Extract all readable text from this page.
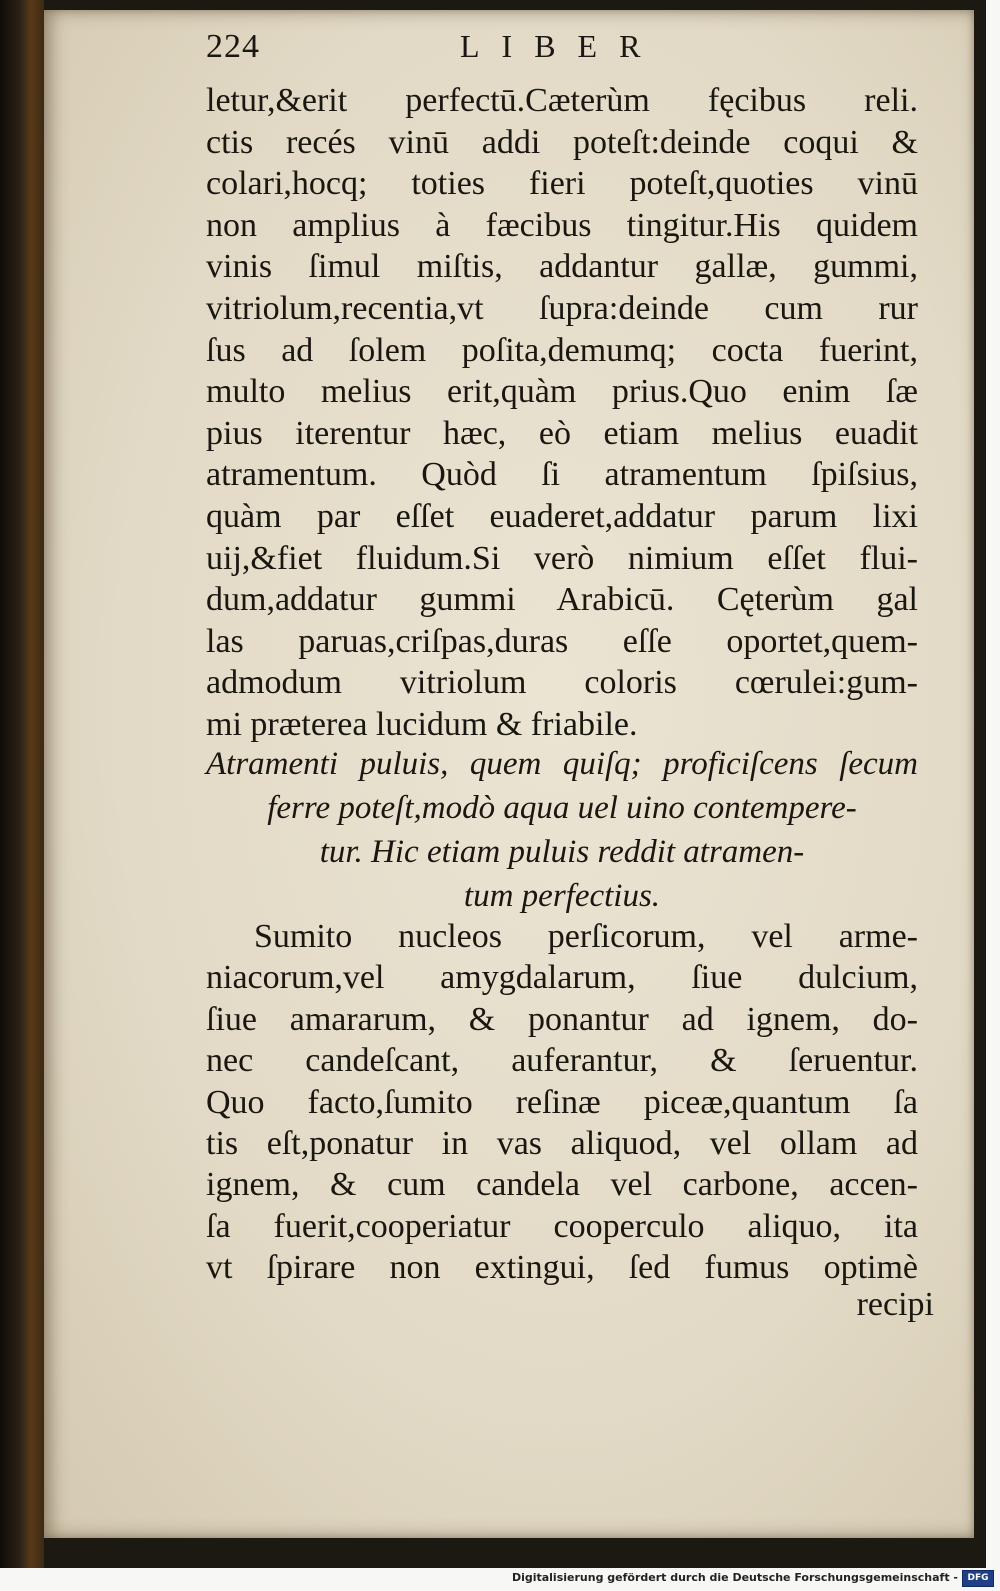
224	LIBER
letur,&erit perfectū.Cæterùm fęcibus reli.
ctis recés vinū addi poteſt:deinde coqui &
colari,hocq; toties fieri poteſt,quoties vinū
non amplius à fæcibus tingitur.His quidem
vinis ſimul miſtis, addantur gallæ, gummi,
vitriolum,recentia,vt ſupra:deinde cum rur
ſus ad ſolem poſita,demumq; cocta fuerint,
multo melius erit,quàm prius.Quo enim ſæ
pius iterentur hæc, eò etiam melius euadit
atramentum. Quòd ſi atramentum ſpiſsius,
quàm par eſſet euaderet,addatur parum lixi
uij,&fiet fluidum.Si verò nimium eſſet flui-
dum,addatur gummi Arabicū. Cęterùm gal
las paruas,criſpas,duras eſſe oportet,quem-
admodum vitriolum coloris cœrulei:gum-
mi præterea lucidum & friabile.
Atramenti puluis, quem quiſq; proficiſcens ſecum
ferre poteſt,modò aqua uel uino contempere-
tur. Hic etiam puluis reddit atramen-
tum perfectius.
Sumito nucleos perſicorum, vel arme-
niacorum,vel amygdalarum, ſiue dulcium,
ſiue amararum, & ponantur ad ignem, do-
nec candeſcant, auferantur, & ſeruentur.
Quo facto,ſumito reſinæ piceæ,quantum ſa
tis eſt,ponatur in vas aliquod, vel ollam ad
ignem, & cum candela vel carbone, accen-
ſa fuerit,cooperiatur cooperculo aliquo, ita
vt ſpirare non extingui, ſed fumus optimè
recipi
Digitalisierung gefördert durch die Deutsche Forschungsgemeinschaft -	DFG
